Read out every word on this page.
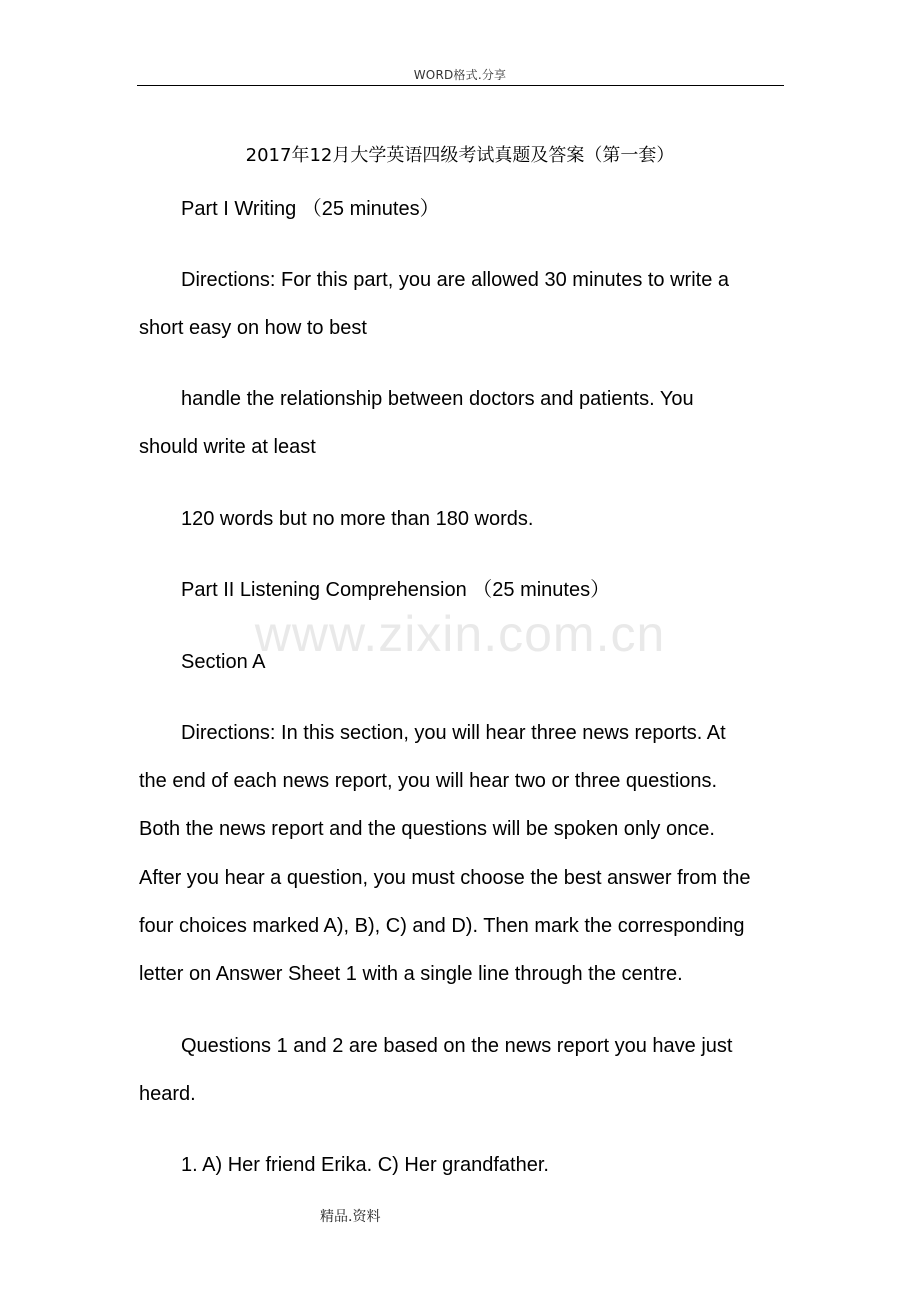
WORD格式.分享
2017年12月大学英语四级考试真题及答案（第一套）
Part I Writing （25 minutes）
Directions: For this part, you are allowed 30 minutes to write a
short easy on how to best
handle the relationship between doctors and patients. You
should write at least
120 words but no more than 180 words.
Part II Listening Comprehension （25 minutes）
Section A
Directions: In this section, you will hear three news reports. At
the end of each news report, you will hear two or three questions.
Both the news report and the questions will be spoken only once.
After you hear a question, you must choose the best answer from the
four choices marked A), B), C) and D). Then mark the corresponding
letter on Answer Sheet 1 with a single line through the centre.
Questions 1 and 2 are based on the news report you have just
heard.
1. A) Her friend Erika. C) Her grandfather.
www.zixin.com.cn
精品.资料
